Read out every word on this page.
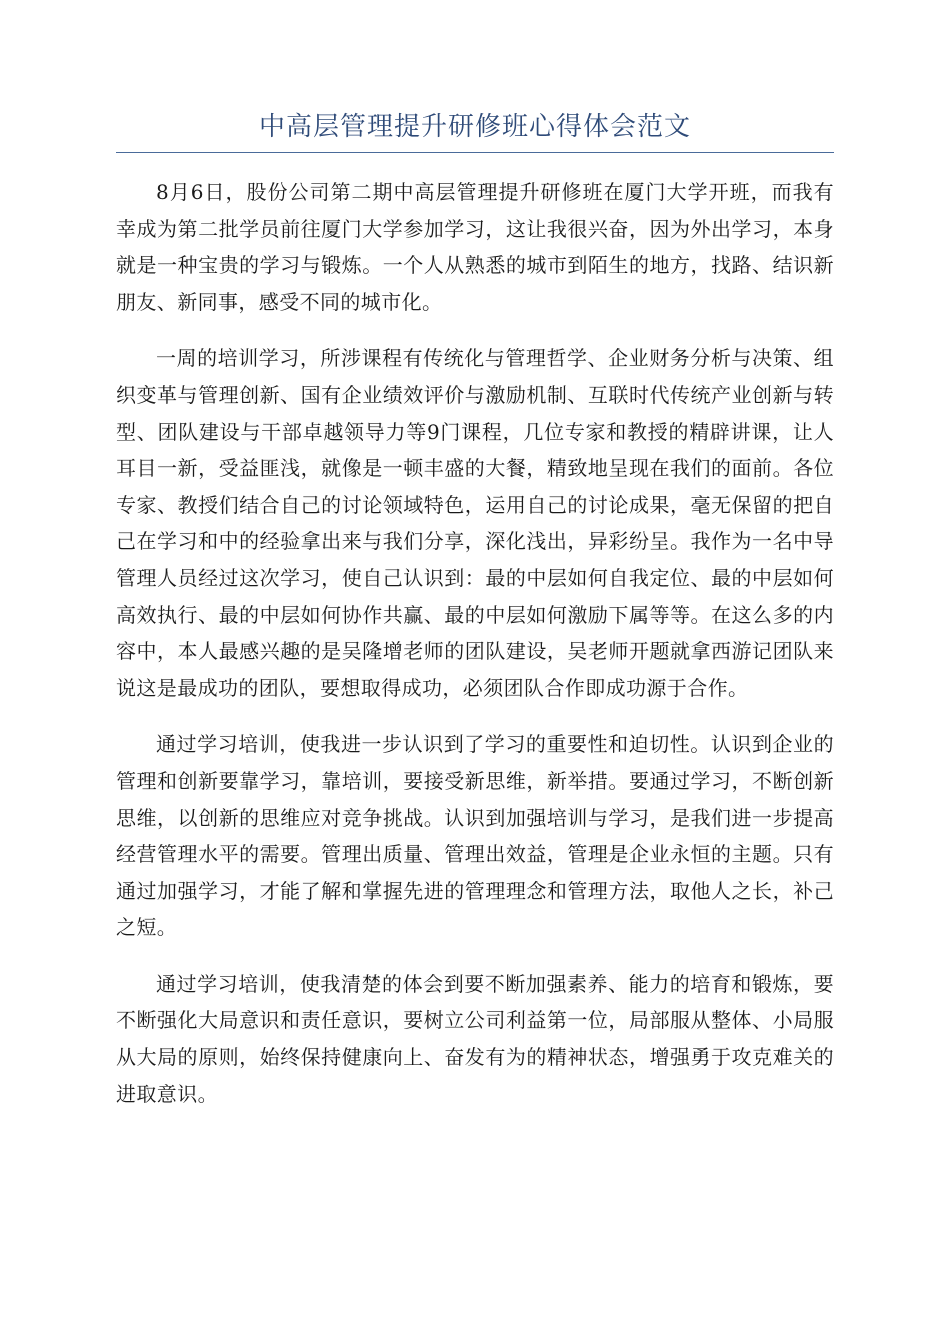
中高层管理提升研修班心得体会范文

8月6日，股份公司第二期中高层管理提升研修班在厦门大学开班，而我有幸成为第二批学员前往厦门大学参加学习，这让我很兴奋，因为外出学习，本身就是一种宝贵的学习与锻炼。一个人从熟悉的城市到陌生的地方，找路、结识新朋友、新同事，感受不同的城市化。

一周的培训学习，所涉课程有传统化与管理哲学、企业财务分析与决策、组织变革与管理创新、国有企业绩效评价与激励机制、互联时代传统产业创新与转型、团队建设与干部卓越领导力等9门课程，几位专家和教授的精辟讲课，让人耳目一新，受益匪浅，就像是一顿丰盛的大餐，精致地呈现在我们的面前。各位专家、教授们结合自己的讨论领域特色，运用自己的讨论成果，毫无保留的把自己在学习和中的经验拿出来与我们分享，深化浅出，异彩纷呈。我作为一名中导管理人员经过这次学习，使自己认识到：最的中层如何自我定位、最的中层如何高效执行、最的中层如何协作共赢、最的中层如何激励下属等等。在这么多的内容中，本人最感兴趣的是吴隆增老师的团队建设，吴老师开题就拿西游记团队来说这是最成功的团队，要想取得成功，必须团队合作即成功源于合作。

通过学习培训，使我进一步认识到了学习的重要性和迫切性。认识到企业的管理和创新要靠学习，靠培训，要接受新思维，新举措。要通过学习，不断创新思维，以创新的思维应对竞争挑战。认识到加强培训与学习，是我们进一步提高经营管理水平的需要。管理出质量、管理出效益，管理是企业永恒的主题。只有通过加强学习，才能了解和掌握先进的管理理念和管理方法，取他人之长，补己之短。

通过学习培训，使我清楚的体会到要不断加强素养、能力的培育和锻炼，要不断强化大局意识和责任意识，要树立公司利益第一位，局部服从整体、小局服从大局的原则，始终保持健康向上、奋发有为的精神状态，增强勇于攻克难关的进取意识。
